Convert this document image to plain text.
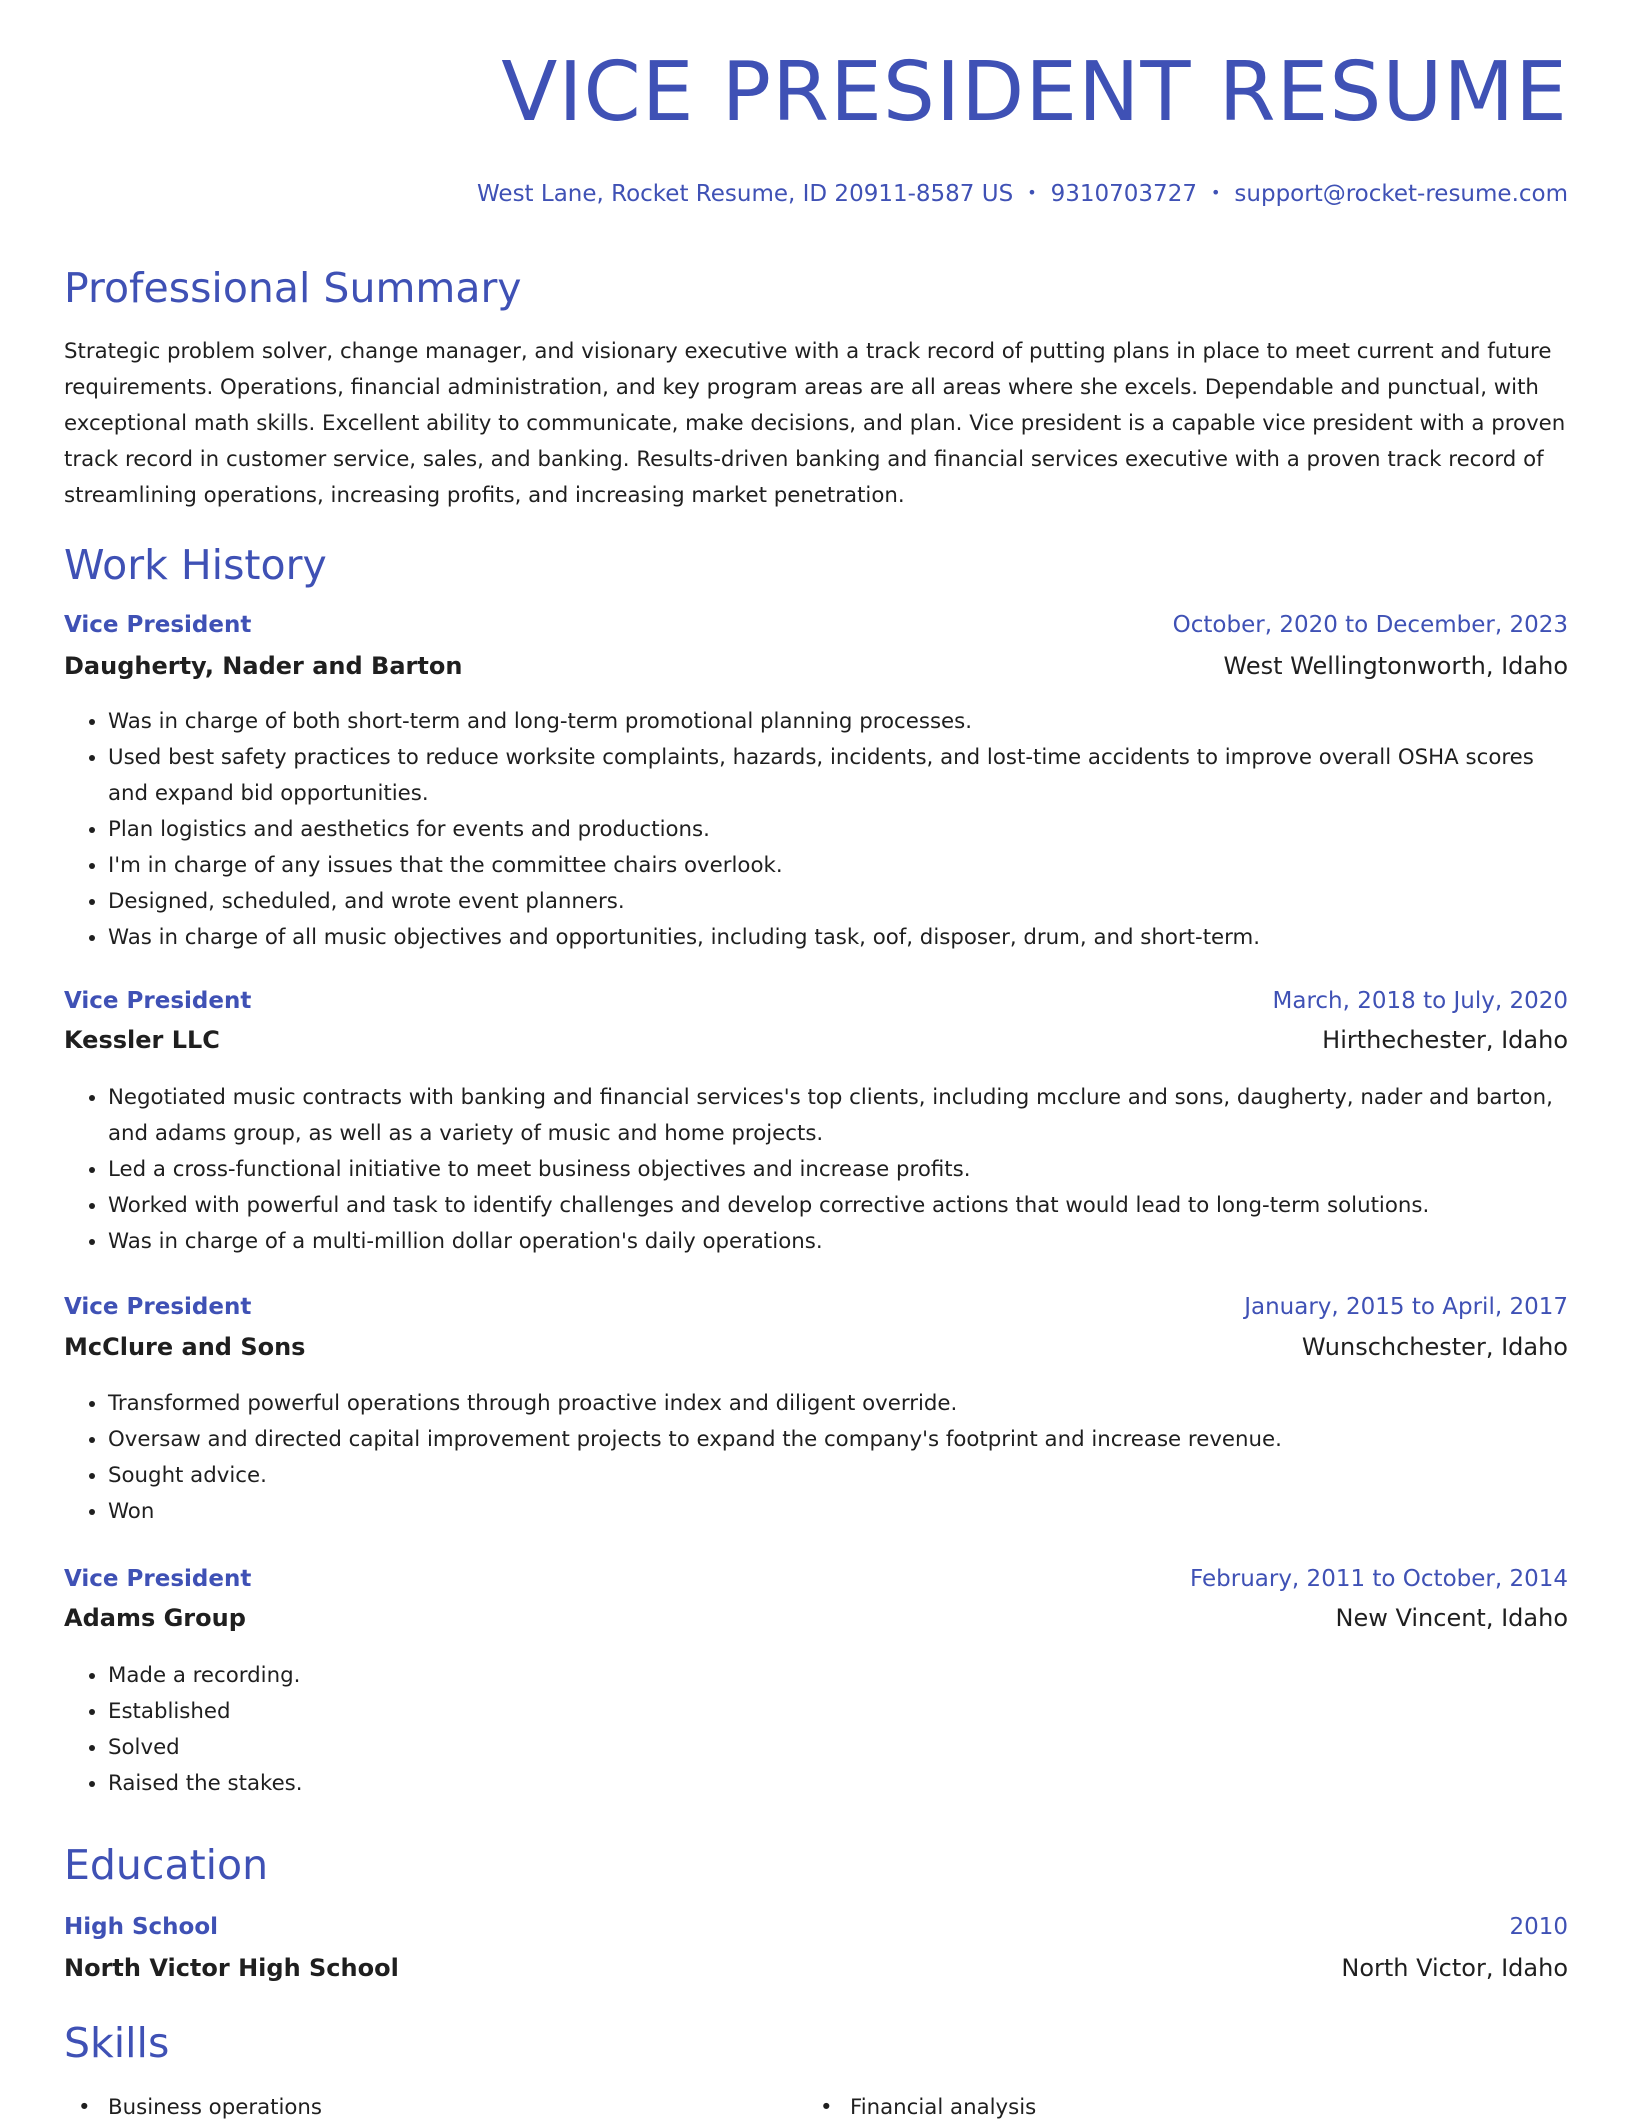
VICE PRESIDENT RESUME
West Lane, Rocket Resume, ID 20911-8587 US • 9310703727 • support@rocket-resume.com
Professional Summary

Strategic problem solver, change manager, and visionary executive with a track record of putting plans in place to meet current and future requirements. Operations, financial administration, and key program areas are all areas where she excels. Dependable and punctual, with exceptional math skills. Excellent ability to communicate, make decisions, and plan. Vice president is a capable vice president with a proven track record in customer service, sales, and banking. Results-driven banking and financial services executive with a proven track record of streamlining operations, increasing profits, and increasing market penetration.

Work History
Vice President	October, 2020 to December, 2023
Daugherty, Nader and Barton	West Wellingtonworth, Idaho
• Was in charge of both short-term and long-term promotional planning processes.
• Used best safety practices to reduce worksite complaints, hazards, incidents, and lost-time accidents to improve overall OSHA scores and expand bid opportunities.
• Plan logistics and aesthetics for events and productions.
• I'm in charge of any issues that the committee chairs overlook.
• Designed, scheduled, and wrote event planners.
• Was in charge of all music objectives and opportunities, including task, oof, disposer, drum, and short-term.
Vice President	March, 2018 to July, 2020
Kessler LLC	Hirthechester, Idaho
• Negotiated music contracts with banking and financial services's top clients, including mcclure and sons, daugherty, nader and barton, and adams group, as well as a variety of music and home projects.
• Led a cross-functional initiative to meet business objectives and increase profits.
• Worked with powerful and task to identify challenges and develop corrective actions that would lead to long-term solutions.
• Was in charge of a multi-million dollar operation's daily operations.
Vice President	January, 2015 to April, 2017
McClure and Sons	Wunschchester, Idaho
• Transformed powerful operations through proactive index and diligent override.
• Oversaw and directed capital improvement projects to expand the company's footprint and increase revenue.
• Sought advice.
• Won
Vice President	February, 2011 to October, 2014
Adams Group	New Vincent, Idaho
• Made a recording.
• Established
• Solved
• Raised the stakes.
Education
High School	2010
North Victor High School	North Victor, Idaho
Skills
• Business operations
•	Financial analysis
